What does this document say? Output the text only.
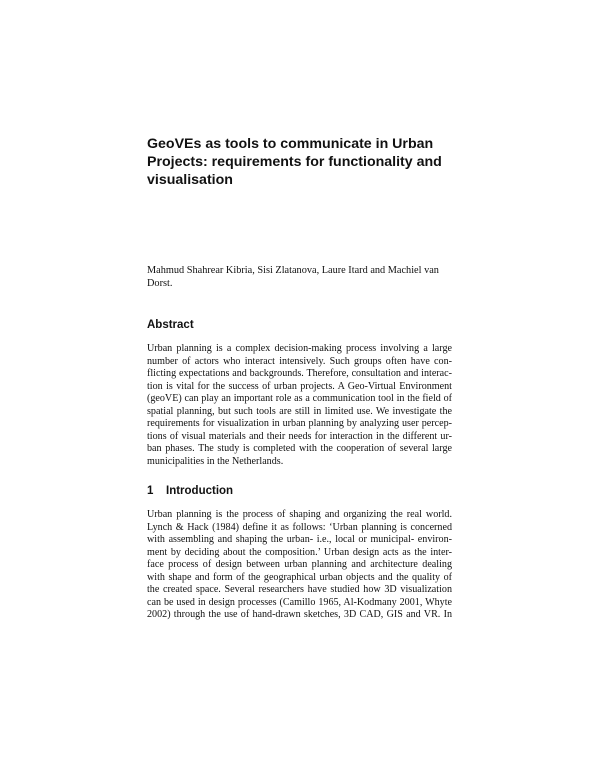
GeoVEs as tools to communicate in Urban
Projects: requirements for functionality and
visualisation

Mahmud Shahrear Kibria, Sisi Zlatanova, Laure Itard and Machiel van
Dorst.

Abstract
Urban planning is a complex decision-making process involving a large
number of actors who interact intensively. Such groups often have con-
flicting expectations and backgrounds. Therefore, consultation and interac-
tion is vital for the success of urban projects. A Geo-Virtual Environment
(geoVE) can play an important role as a communication tool in the field of
spatial planning, but such tools are still in limited use. We investigate the
requirements for visualization in urban planning by analyzing user percep-
tions of visual materials and their needs for interaction in the different ur-
ban phases. The study is completed with the cooperation of several large
municipalities in the Netherlands.
1 Introduction
Urban planning is the process of shaping and organizing the real world.
Lynch & Hack (1984) define it as follows: ‘Urban planning is concerned
with assembling and shaping the urban- i.e., local or municipal- environ-
ment by deciding about the composition.’ Urban design acts as the inter-
face process of design between urban planning and architecture dealing
with shape and form of the geographical urban objects and the quality of
the created space. Several researchers have studied how 3D visualization
can be used in design processes (Camillo 1965, Al-Kodmany 2001, Whyte
2002) through the use of hand-drawn sketches, 3D CAD, GIS and VR. In
